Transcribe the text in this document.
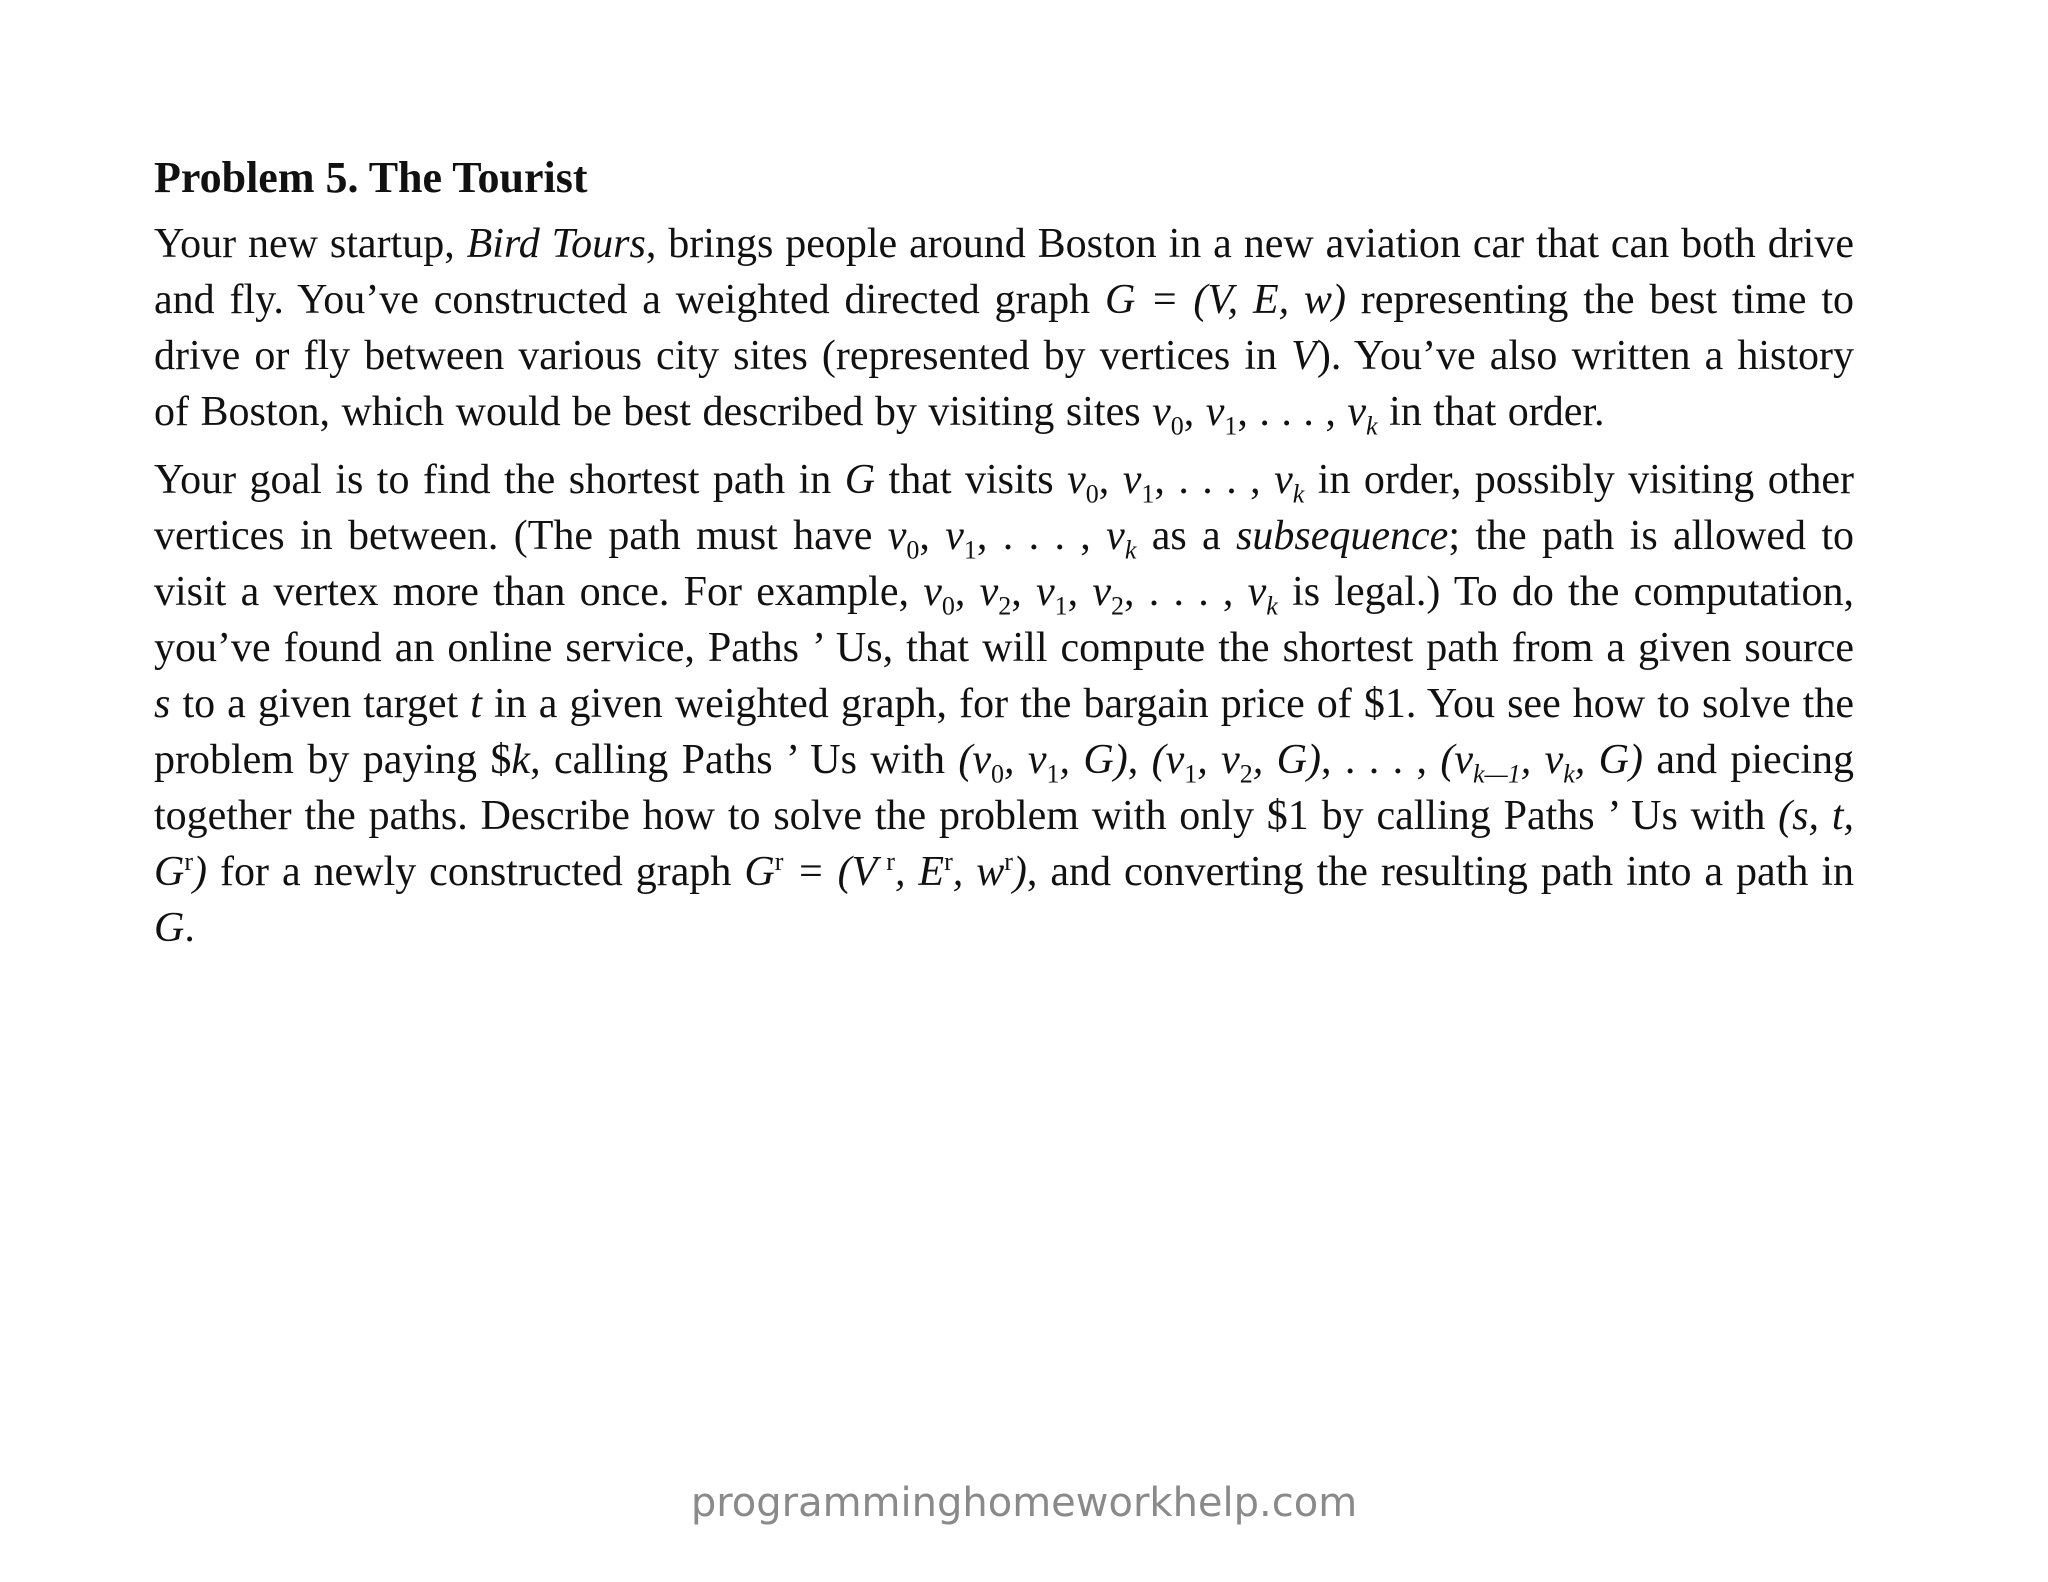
Problem 5. The Tourist

Your new startup, Bird Tours, brings people around Boston in a new aviation car that can both drive and fly. You’ve constructed a weighted directed graph G = (V, E, w) representing the best time to drive or fly between various city sites (represented by vertices in V). You’ve also written a history of Boston, which would be best described by visiting sites $v_0$, $v_1$, . . . , $v_k$ in that order.

Your goal is to find the shortest path in G that visits $v_0$, $v_1$, . . . , $v_k$ in order, possibly visiting other vertices in between. (The path must have $v_0$, $v_1$, . . . , $v_k$ as a subsequence; the path is allowed to visit a vertex more than once. For example, $v_0$, $v_2$, $v_1$, $v_2$, . . . , $v_k$ is legal.) To do the computation, you’ve found an online service, Paths ’ Us, that will compute the shortest path from a given source s to a given target t in a given weighted graph, for the bargain price of $1. You see how to solve the problem by paying $k, calling Paths ’ Us with ($v_0$, $v_1$, G), ($v_1$, $v_2$, G), . . . , ($v_{k—1}$, $v_k$, G) and piecing together the paths. Describe how to solve the problem with only $1 by calling Paths ’ Us with (s, t, $G^r$) for a newly constructed graph $G^r = (V$ $^r$, $E^r$, $w^r$), and converting the resulting path into a path in G.

programminghomeworkhelp.com
